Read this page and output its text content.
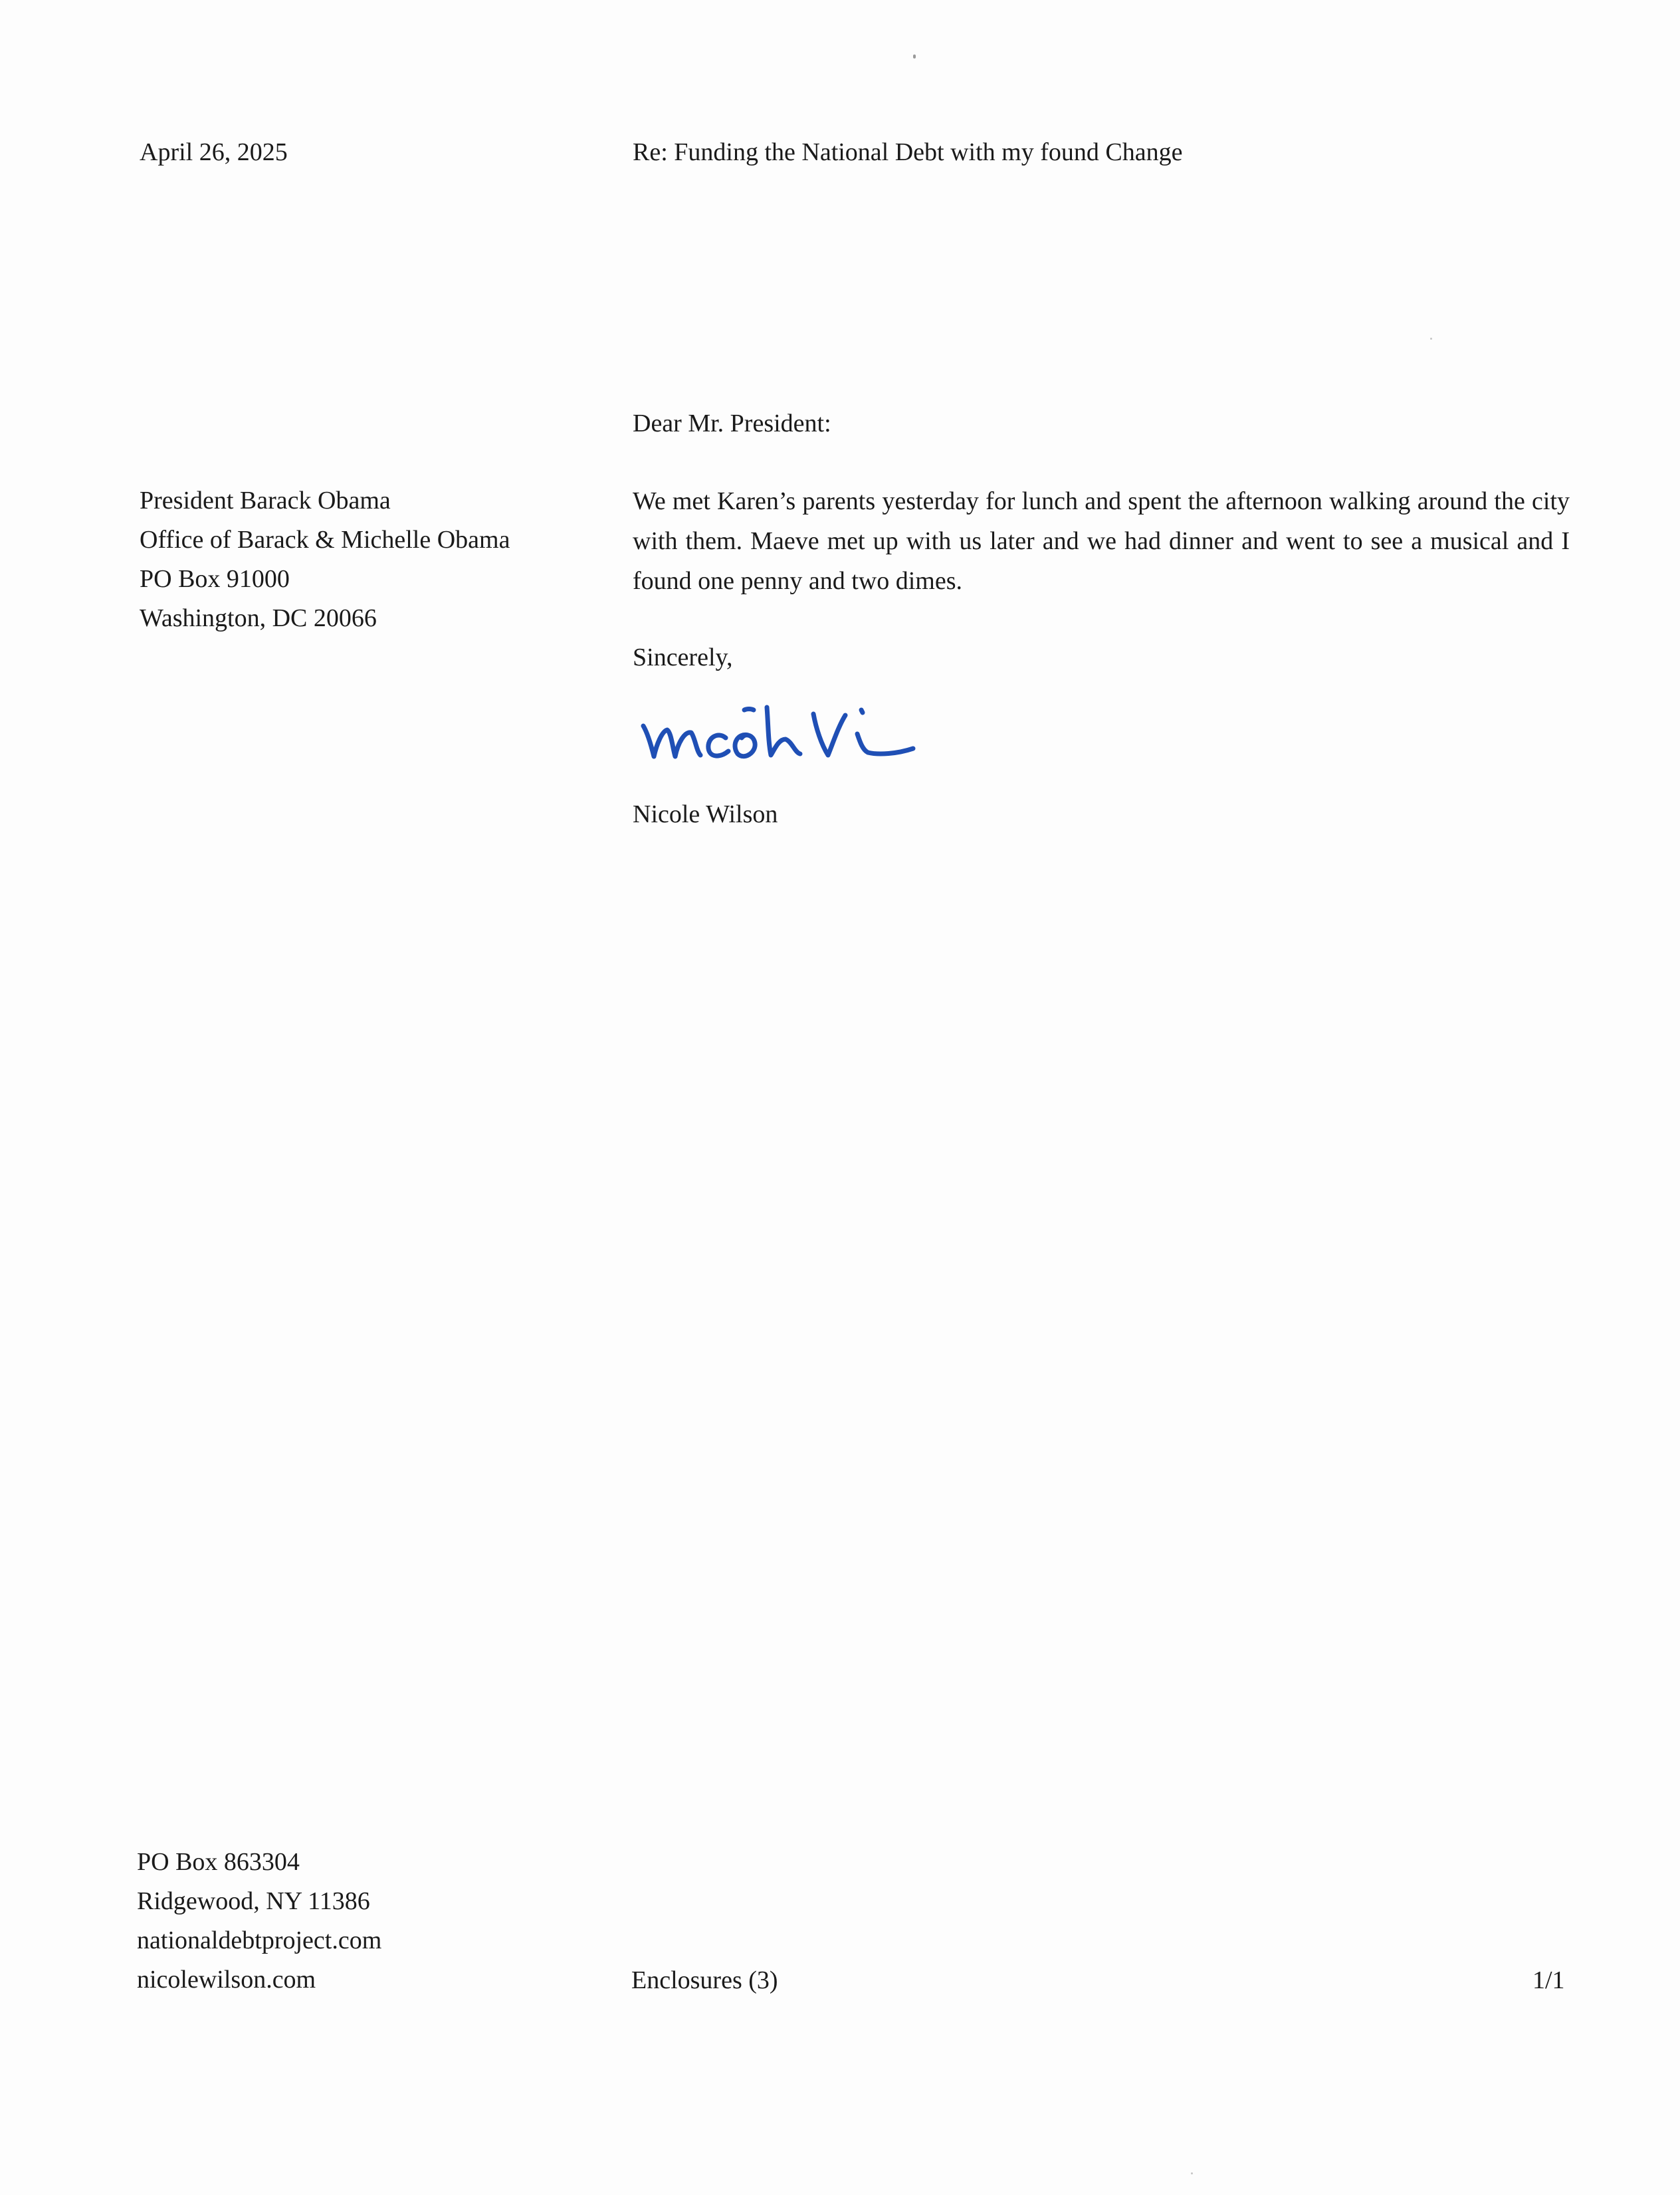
April 26, 2025	Re: Funding the National Debt with my found Change
Dear Mr. President:
President Barack Obama
Office of Barack & Michelle Obama
PO Box 91000
Washington, DC 20066
We met Karen’s parents yesterday for lunch and spent the afternoon walking around the city with them. Maeve met up with us later and we had dinner and went to see a musical and I found one penny and two dimes.
Sincerely,
Nicole Wilson
PO Box 863304
Ridgewood, NY 11386
nationaldebtproject.com
nicolewilson.com	Enclosures (3)	1/1
